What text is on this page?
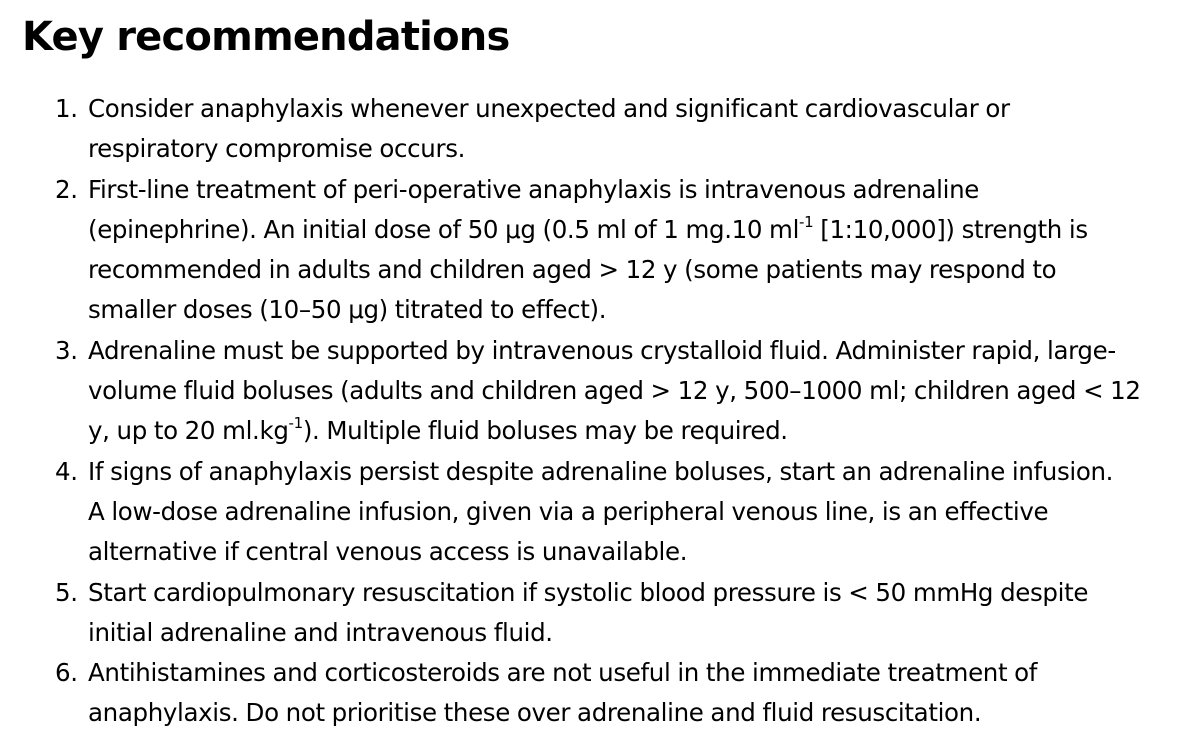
Key recommendations
1. Consider anaphylaxis whenever unexpected and significant cardiovascular or
respiratory compromise occurs.
2. First-line treatment of peri-operative anaphylaxis is intravenous adrenaline
(epinephrine). An initial dose of 50 μg (0.5 ml of 1 mg.10 $ml^{-1}$ [1:10,000]) strength is
recommended in adults and children aged > 12 y (some patients may respond to
smaller doses (10–50 μg) titrated to effect).
3. Adrenaline must be supported by intravenous crystalloid fluid. Administer rapid, large-
volume fluid boluses (adults and children aged > 12 y, 500–1000 ml; children aged < 12
y, up to 20 $ml.kg^{-1}$). Multiple fluid boluses may be required.
4. If signs of anaphylaxis persist despite adrenaline boluses, start an adrenaline infusion.
A low-dose adrenaline infusion, given via a peripheral venous line, is an effective
alternative if central venous access is unavailable.
5. Start cardiopulmonary resuscitation if systolic blood pressure is < 50 mmHg despite
initial adrenaline and intravenous fluid.
6. Antihistamines and corticosteroids are not useful in the immediate treatment of
anaphylaxis. Do not prioritise these over adrenaline and fluid resuscitation.
